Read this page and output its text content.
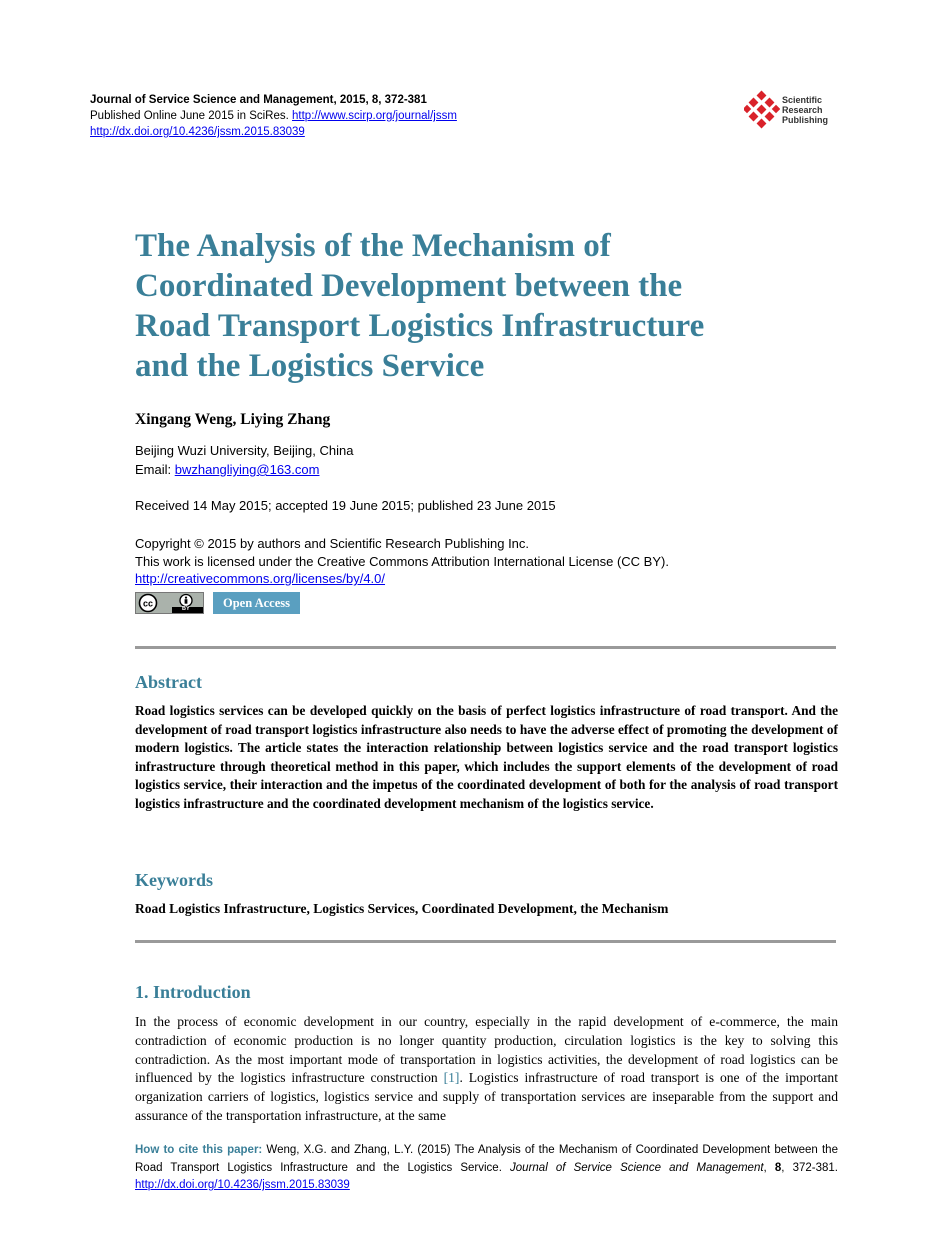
Journal of Service Science and Management, 2015, 8, 372-381
Published Online June 2015 in SciRes. http://www.scirp.org/journal/jssm
http://dx.doi.org/10.4236/jssm.2015.83039
Scientific
Research
Publishing
The Analysis of the Mechanism of
Coordinated Development between the
Road Transport Logistics Infrastructure
and the Logistics Service
Xingang Weng, Liying Zhang
Beijing Wuzi University, Beijing, China
Email: bwzhangliying@163.com
Received 14 May 2015; accepted 19 June 2015; published 23 June 2015
Copyright © 2015 by authors and Scientific Research Publishing Inc.
This work is licensed under the Creative Commons Attribution International License (CC BY).
http://creativecommons.org/licenses/by/4.0/
cc
BY	Open Access
Abstract
Road logistics services can be developed quickly on the basis of perfect logistics infrastructure of road transport. And the development of road transport logistics infrastructure also needs to have the adverse effect of promoting the development of modern logistics. The article states the interaction relationship between logistics service and the road transport logistics infrastructure through theoretical method in this paper, which includes the support elements of the development of road logistics service, their interaction and the impetus of the coordinated development of both for the analysis of road transport logistics infrastructure and the coordinated development mechanism of the logistics service.
Keywords
Road Logistics Infrastructure, Logistics Services, Coordinated Development, the Mechanism
1. Introduction
In the process of economic development in our country, especially in the rapid development of e-commerce, the main contradiction of economic production is no longer quantity production, circulation logistics is the key to solving this contradiction. As the most important mode of transportation in logistics activities, the development of road logistics can be influenced by the logistics infrastructure construction [1]. Logistics infrastructure of road transport is one of the important organization carriers of logistics, logistics service and supply of transportation services are inseparable from the support and assurance of the transportation infrastructure, at the same
How to cite this paper: Weng, X.G. and Zhang, L.Y. (2015) The Analysis of the Mechanism of Coordinated Development between the Road Transport Logistics Infrastructure and the Logistics Service. Journal of Service Science and Management, 8, 372-381. http://dx.doi.org/10.4236/jssm.2015.83039
